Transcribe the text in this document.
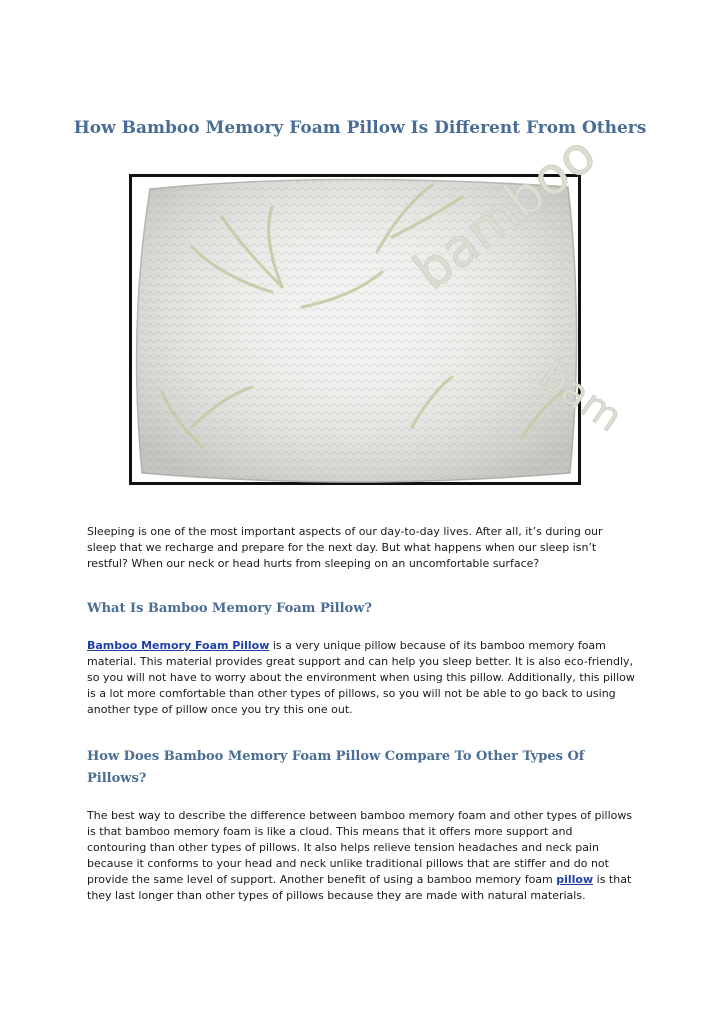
How Bamboo Memory Foam Pillow Is Different From Others
bamboo
bam

Sleeping is one of the most important aspects of our day-to-day lives. After all, it’s during our sleep that we recharge and prepare for the next day. But what happens when our sleep isn’t restful? When our neck or head hurts from sleeping on an uncomfortable surface?

What Is Bamboo Memory Foam Pillow?

Bamboo Memory Foam Pillow is a very unique pillow because of its bamboo memory foam material. This material provides great support and can help you sleep better. It is also eco-friendly, so you will not have to worry about the environment when using this pillow. Additionally, this pillow is a lot more comfortable than other types of pillows, so you will not be able to go back to using another type of pillow once you try this one out.

How Does Bamboo Memory Foam Pillow Compare To Other Types Of Pillows?

The best way to describe the difference between bamboo memory foam and other types of pillows is that bamboo memory foam is like a cloud. This means that it offers more support and contouring than other types of pillows. It also helps relieve tension headaches and neck pain because it conforms to your head and neck unlike traditional pillows that are stiffer and do not provide the same level of support. Another benefit of using a bamboo memory foam pillow is that they last longer than other types of pillows because they are made with natural materials.
